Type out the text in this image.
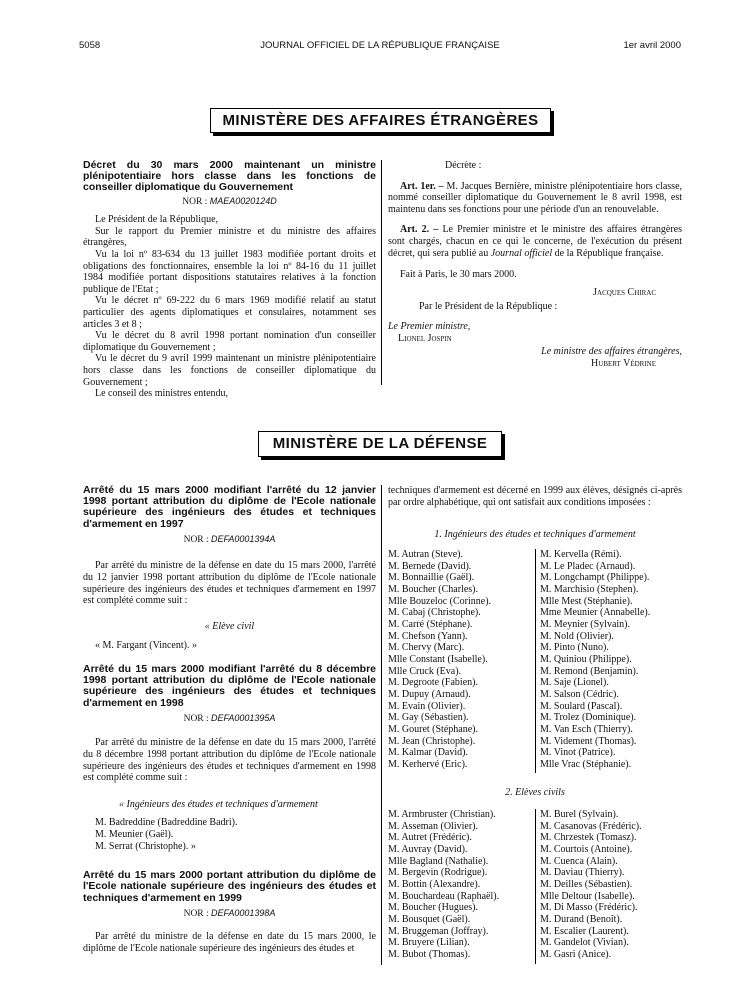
5058	JOURNAL OFFICIEL DE LA RÉPUBLIQUE FRANÇAISE	1er avril 2000
MINISTÈRE DES AFFAIRES ÉTRANGÈRES
Décret du 30 mars 2000 maintenant un ministre plénipotentiaire hors classe dans les fonctions de conseiller diplomatique du Gouvernement
NOR : MAEA0020124D
Le Président de la République,
Sur le rapport du Premier ministre et du ministre des affaires étrangères,
Vu la loi nº 83-634 du 13 juillet 1983 modifiée portant droits et obligations des fonctionnaires, ensemble la loi nº 84-16 du 11 juillet 1984 modifiée portant dispositions statutaires relatives à la fonction publique de l'Etat ;
Vu le décret nº 69-222 du 6 mars 1969 modifié relatif au statut particulier des agents diplomatiques et consulaires, notamment ses articles 3 et 8 ;
Vu le décret du 8 avril 1998 portant nomination d'un conseiller diplomatique du Gouvernement ;
Vu le décret du 9 avril 1999 maintenant un ministre plénipotentiaire hors classe dans les fonctions de conseiller diplomatique du Gouvernement ;
Le conseil des ministres entendu,
Décrète :
Art. 1er. – M. Jacques Bernière, ministre plénipotentiaire hors classe, nommé conseiller diplomatique du Gouvernement le 8 avril 1998, est maintenu dans ses fonctions pour une période d'un an renouvelable.
Art. 2. – Le Premier ministre et le ministre des affaires étrangères sont chargés, chacun en ce qui le concerne, de l'exécution du présent décret, qui sera publié au Journal officiel de la République française.
Fait à Paris, le 30 mars 2000.
Jacques Chirac
Par le Président de la République :
Le Premier ministre,
Lionel Jospin
Le ministre des affaires étrangères,
Hubert Védrine
MINISTÈRE DE LA DÉFENSE
Arrêté du 15 mars 2000 modifiant l'arrêté du 12 janvier 1998 portant attribution du diplôme de l'Ecole nationale supérieure des ingénieurs des études et techniques d'armement en 1997
NOR : DEFA0001394A
Par arrêté du ministre de la défense en date du 15 mars 2000, l'arrêté du 12 janvier 1998 portant attribution du diplôme de l'Ecole nationale supérieure des ingénieurs des études et techniques d'armement en 1997 est complété comme suit :
« Elève civil
« M. Fargant (Vincent). »
Arrêté du 15 mars 2000 modifiant l'arrêté du 8 décembre 1998 portant attribution du diplôme de l'Ecole nationale supérieure des ingénieurs des études et techniques d'armement en 1998
NOR : DEFA0001395A
Par arrêté du ministre de la défense en date du 15 mars 2000, l'arrêté du 8 décembre 1998 portant attribution du diplôme de l'Ecole nationale supérieure des ingénieurs des études et techniques d'armement en 1998 est complété comme suit :
« Ingénieurs des études et techniques d'armement
M. Badreddine (Badreddine Badri).
M. Meunier (Gaël).
M. Serrat (Christophe). »
Arrêté du 15 mars 2000 portant attribution du diplôme de l'Ecole nationale supérieure des ingénieurs des études et techniques d'armement en 1999
NOR : DEFA0001398A
Par arrêté du ministre de la défense en date du 15 mars 2000, le diplôme de l'Ecole nationale supérieure des ingénieurs des études et
techniques d'armement est décerné en 1999 aux élèves, désignés ci-après par ordre alphabétique, qui ont satisfait aux conditions imposées :
1. Ingénieurs des études et techniques d'armement
M. Autran (Steve).
M. Bernede (David).
M. Bonnaillie (Gaël).
M. Boucher (Charles).
Mlle Bouzeloc (Corinne).
M. Cabaj (Christophe).
M. Carré (Stéphane).
M. Chefson (Yann).
M. Chervy (Marc).
Mlle Constant (Isabelle).
Mlle Cruck (Eva).
M. Degroote (Fabien).
M. Dupuy (Arnaud).
M. Evain (Olivier).
M. Gay (Sébastien).
M. Gouret (Stéphane).
M. Jean (Christophe).
M. Kalmar (David).
M. Kerhervé (Eric).
M. Kervella (Rémi).
M. Le Pladec (Arnaud).
M. Longchampt (Philippe).
M. Marchisio (Stephen).
Mlle Mest (Stéphanie).
Mme Meunier (Annabelle).
M. Meynier (Sylvain).
M. Nold (Olivier).
M. Pinto (Nuno).
M. Quiniou (Philippe).
M. Remond (Benjamin).
M. Saje (Lionel).
M. Salson (Cédric).
M. Soulard (Pascal).
M. Trolez (Dominique).
M. Van Esch (Thierry).
M. Videment (Thomas).
M. Vinot (Patrice).
Mlle Vrac (Stéphanie).
2. Elèves civils
M. Armbruster (Christian).
M. Asseman (Olivier).
M. Autret (Frédéric).
M. Auvray (David).
Mlle Bagland (Nathalie).
M. Bergevin (Rodrigue).
M. Bottin (Alexandre).
M. Bouchardeau (Raphaël).
M. Boucher (Hugues).
M. Bousquet (Gaël).
M. Bruggeman (Joffray).
M. Bruyere (Lilian).
M. Bubot (Thomas).
M. Burel (Sylvain).
M. Casanovas (Frédéric).
M. Chrzestek (Tomasz).
M. Courtois (Antoine).
M. Cuenca (Alain).
M. Daviau (Thierry).
M. Deilles (Sébastien).
Mlle Deltour (Isabelle).
M. Di Masso (Frédéric).
M. Durand (Benoît).
M. Escalier (Laurent).
M. Gandelot (Vivian).
M. Gasri (Anice).
